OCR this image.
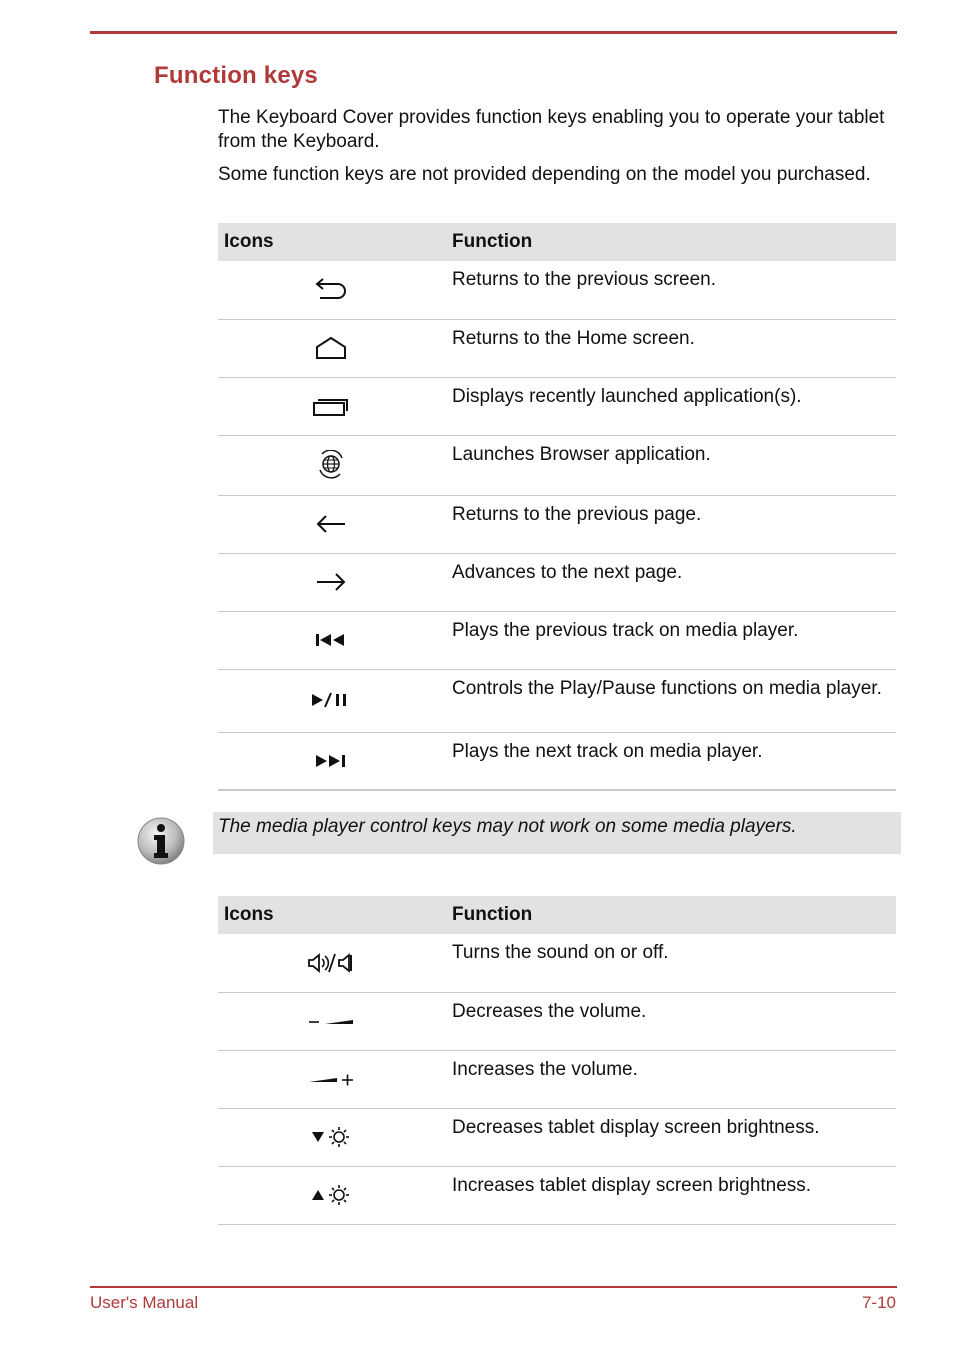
Function keys

The Keyboard Cover provides function keys enabling you to operate your tablet from the Keyboard.

Some function keys are not provided depending on the model you purchased.

Icons	Function
	Returns to the previous screen.
	Returns to the Home screen.
	Displays recently launched application(s).
	Launches Browser application.
	Returns to the previous page.
	Advances to the next page.
	Plays the previous track on media player.
	Controls the Play/Pause functions on media player.
	Plays the next track on media player.
The media player control keys may not work on some media players.
Icons	Function
	Turns the sound on or off.
	Decreases the volume.
	Increases the volume.
	Decreases tablet display screen brightness.
	Increases tablet display screen brightness.
User's Manual	7-10
